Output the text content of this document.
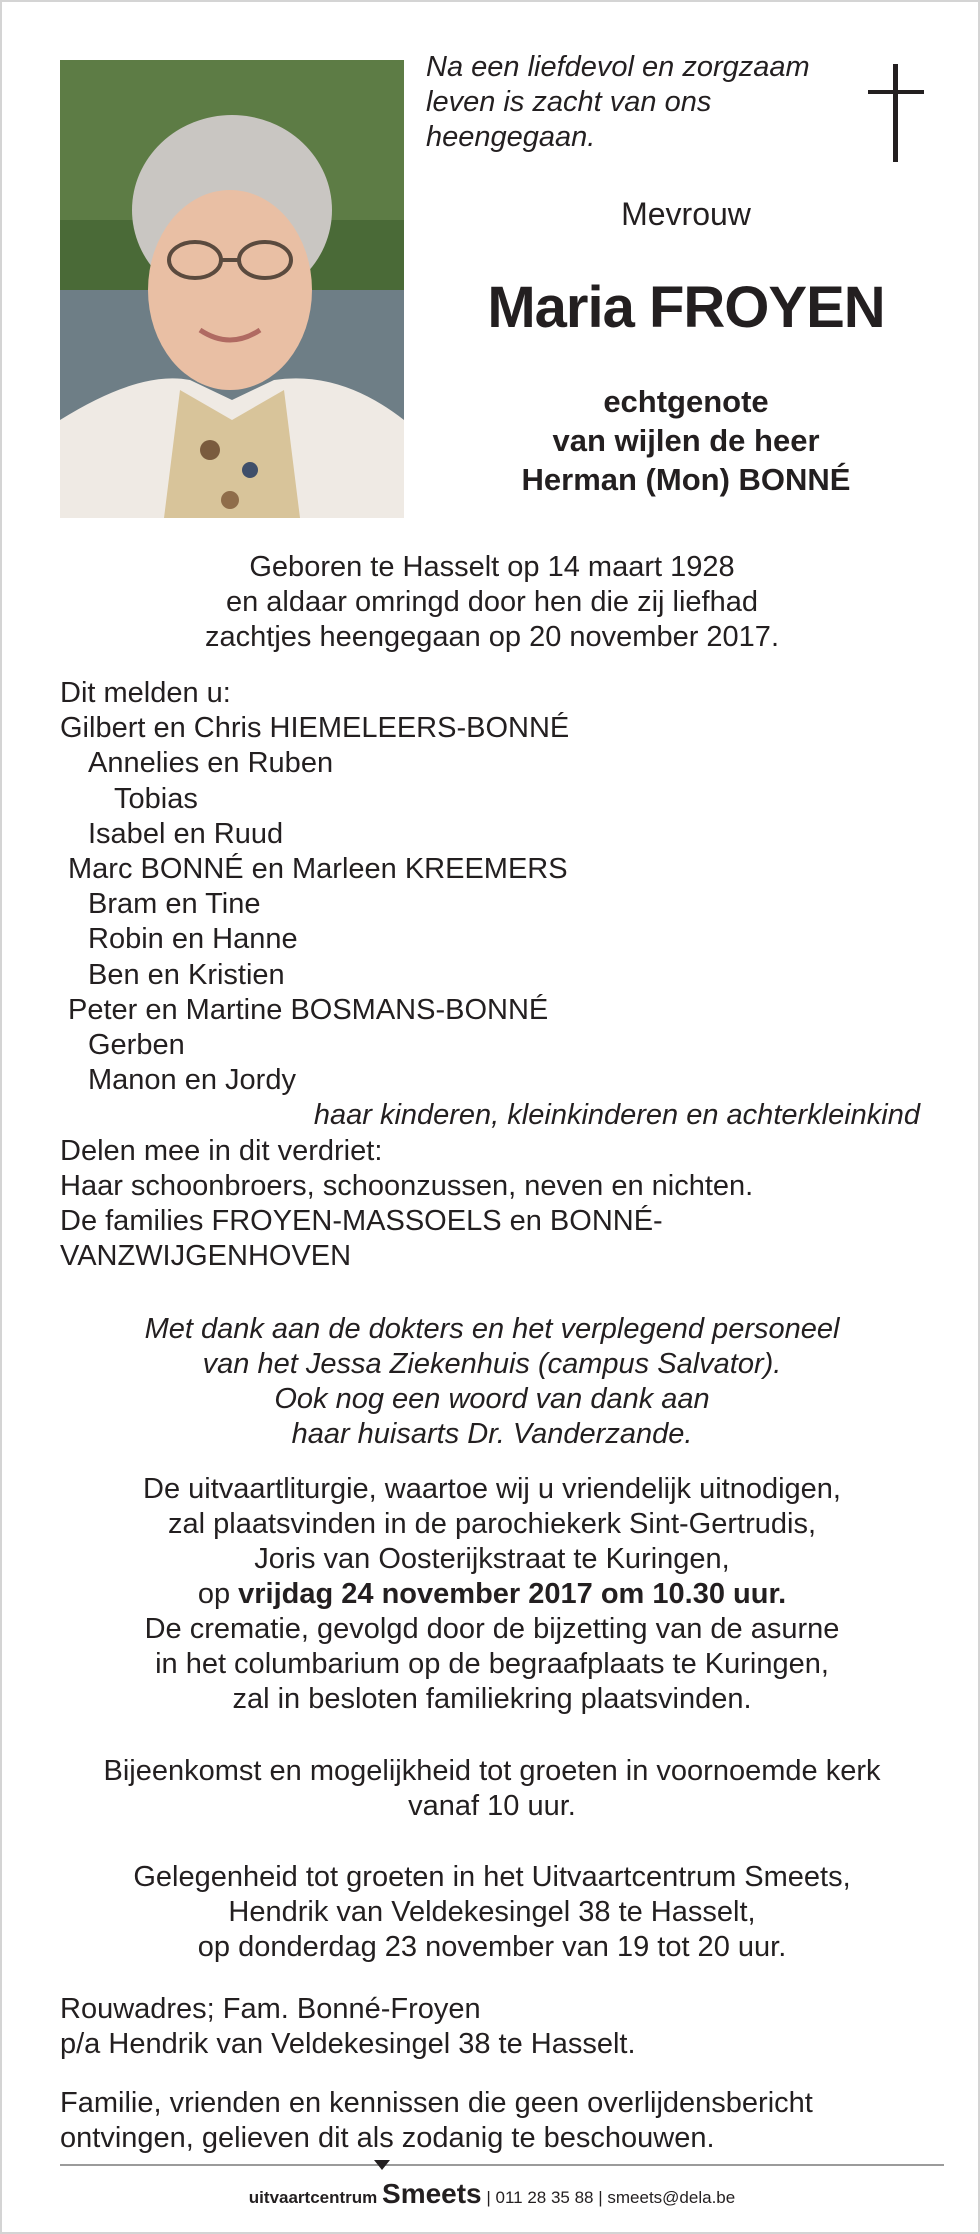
Na een liefdevol en zorgzaam
leven is zacht van ons
heengegaan.
Mevrouw
Maria FROYEN
echtgenote
van wijlen de heer
Herman (Mon) BONNÉ
Geboren te Hasselt op 14 maart 1928
en aldaar omringd door hen die zij liefhad
zachtjes heengegaan op 20 november 2017.
Dit melden u:
Gilbert en Chris HIEMELEERS-BONNÉ
Annelies en Ruben
Tobias
Isabel en Ruud
Marc BONNÉ en Marleen KREEMERS
Bram en Tine
Robin en Hanne
Ben en Kristien
Peter en Martine BOSMANS-BONNÉ
Gerben
Manon en Jordy
haar kinderen, kleinkinderen en achterkleinkind
Delen mee in dit verdriet:
Haar schoonbroers, schoonzussen, neven en nichten.
De families FROYEN-MASSOELS en BONNÉ-
VANZWIJGENHOVEN
Met dank aan de dokters en het verplegend personeel
van het Jessa Ziekenhuis (campus Salvator).
Ook nog een woord van dank aan
haar huisarts Dr. Vanderzande.
De uitvaartliturgie, waartoe wij u vriendelijk uitnodigen,
zal plaatsvinden in de parochiekerk Sint-Gertrudis,
Joris van Oosterijkstraat te Kuringen,
op vrijdag 24 november 2017 om 10.30 uur.
De crematie, gevolgd door de bijzetting van de asurne
in het columbarium op de begraafplaats te Kuringen,
zal in besloten familiekring plaatsvinden.
Bijeenkomst en mogelijkheid tot groeten in voornoemde kerk
vanaf 10 uur.
Gelegenheid tot groeten in het Uitvaartcentrum Smeets,
Hendrik van Veldekesingel 38 te Hasselt,
op donderdag 23 november van 19 tot 20 uur.
Rouwadres; Fam. Bonné-Froyen
p/a Hendrik van Veldekesingel 38 te Hasselt.
Familie, vrienden en kennissen die geen overlijdensbericht
ontvingen, gelieven dit als zodanig te beschouwen.
uitvaartcentrum Smeets | 011 28 35 88 | smeets@dela.be
